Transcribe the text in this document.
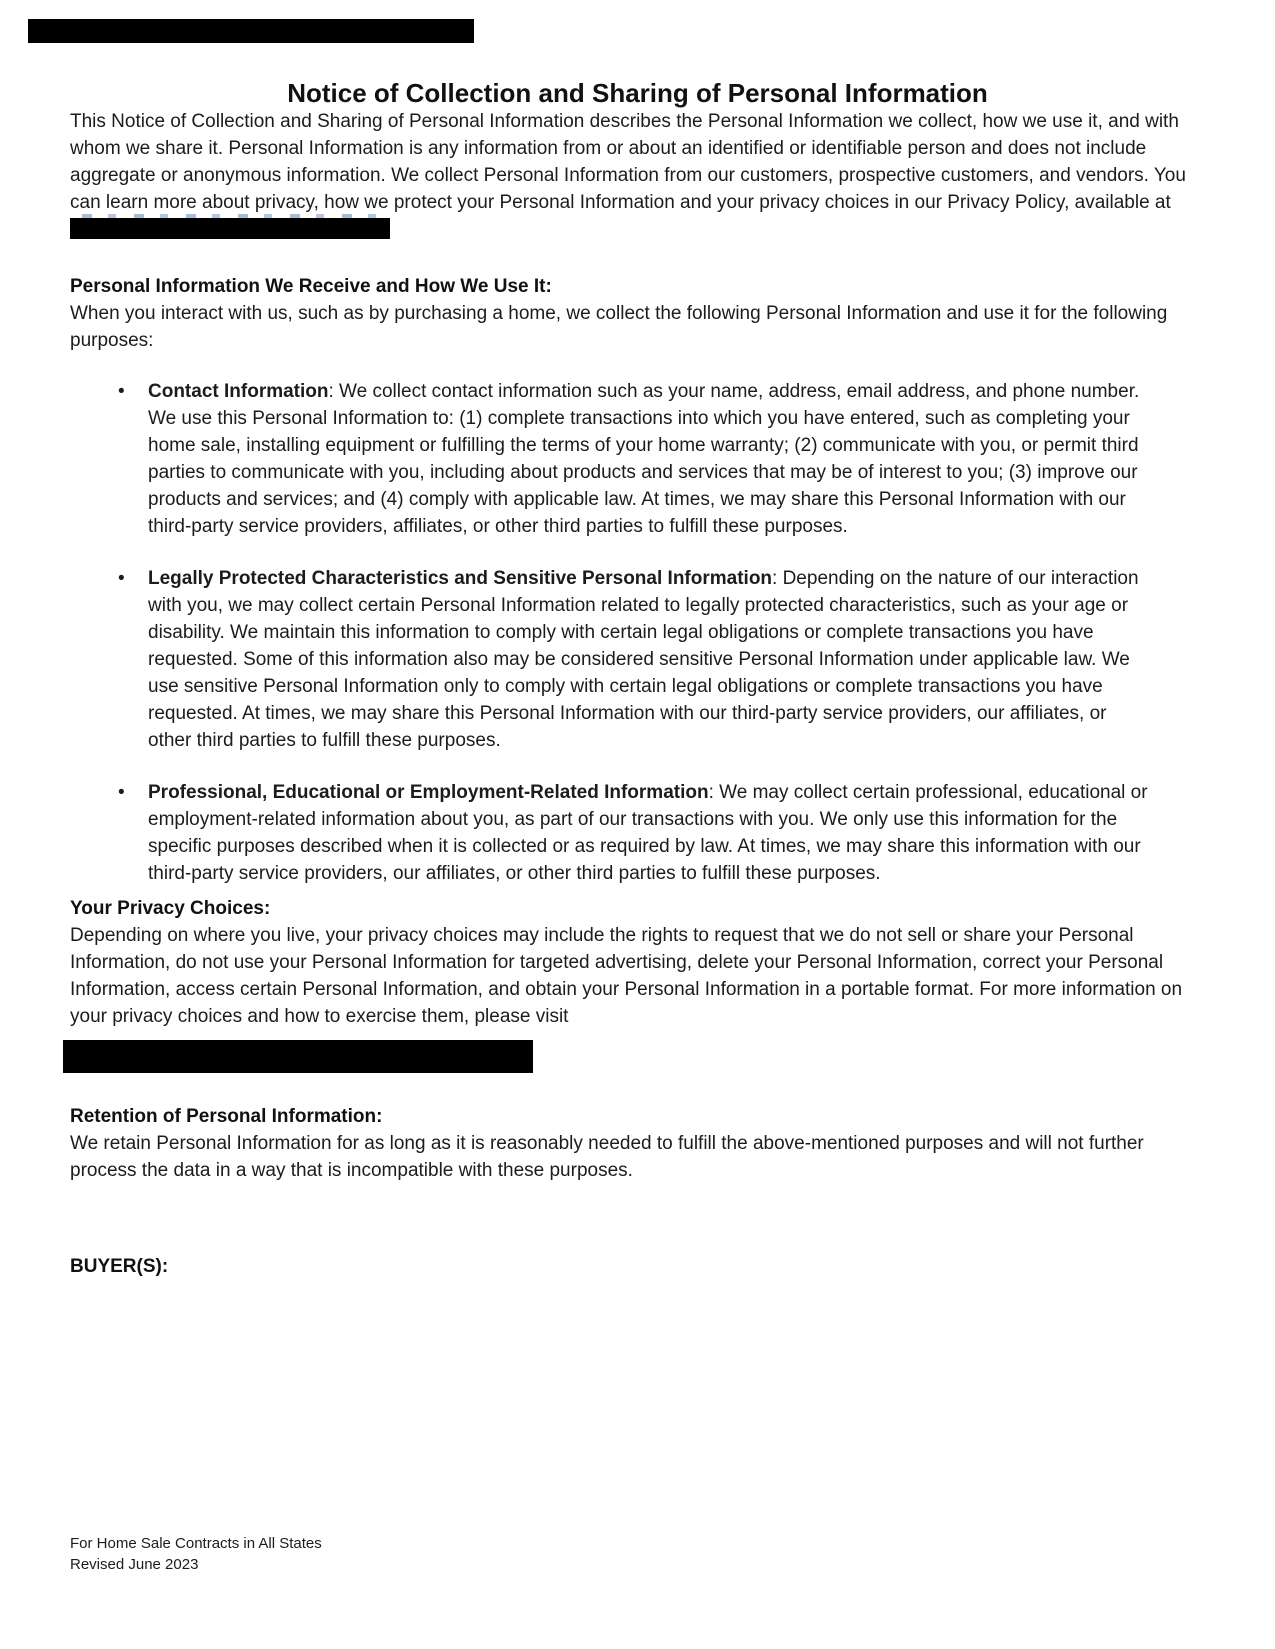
Notice of Collection and Sharing of Personal Information

This Notice of Collection and Sharing of Personal Information describes the Personal Information we collect, how we use it, and with whom we share it. Personal Information is any information from or about an identified or identifiable person and does not include aggregate or anonymous information. We collect Personal Information from our customers, prospective customers, and vendors. You can learn more about privacy, how we protect your Personal Information and your privacy choices in our Privacy Policy, available at

Personal Information We Receive and How We Use It:

When you interact with us, such as by purchasing a home, we collect the following Personal Information and use it for the following purposes:

• Contact Information: We collect contact information such as your name, address, email address, and phone number. We use this Personal Information to: (1) complete transactions into which you have entered, such as completing your home sale, installing equipment or fulfilling the terms of your home warranty; (2) communicate with you, or permit third parties to communicate with you, including about products and services that may be of interest to you; (3) improve our products and services; and (4) comply with applicable law. At times, we may share this Personal Information with our third-party service providers, affiliates, or other third parties to fulfill these purposes.
• Legally Protected Characteristics and Sensitive Personal Information: Depending on the nature of our interaction with you, we may collect certain Personal Information related to legally protected characteristics, such as your age or disability. We maintain this information to comply with certain legal obligations or complete transactions you have requested. Some of this information also may be considered sensitive Personal Information under applicable law. We use sensitive Personal Information only to comply with certain legal obligations or complete transactions you have requested. At times, we may share this Personal Information with our third-party service providers, our affiliates, or other third parties to fulfill these purposes.
• Professional, Educational or Employment-Related Information: We may collect certain professional, educational or employment-related information about you, as part of our transactions with you. We only use this information for the specific purposes described when it is collected or as required by law. At times, we may share this information with our third-party service providers, our affiliates, or other third parties to fulfill these purposes.
Your Privacy Choices:

Depending on where you live, your privacy choices may include the rights to request that we do not sell or share your Personal Information, do not use your Personal Information for targeted advertising, delete your Personal Information, correct your Personal Information, access certain Personal Information, and obtain your Personal Information in a portable format. For more information on your privacy choices and how to exercise them, please visit

Retention of Personal Information:

We retain Personal Information for as long as it is reasonably needed to fulfill the above-mentioned purposes and will not further process the data in a way that is incompatible with these purposes.

BUYER(S):
For Home Sale Contracts in All States
Revised June 2023
